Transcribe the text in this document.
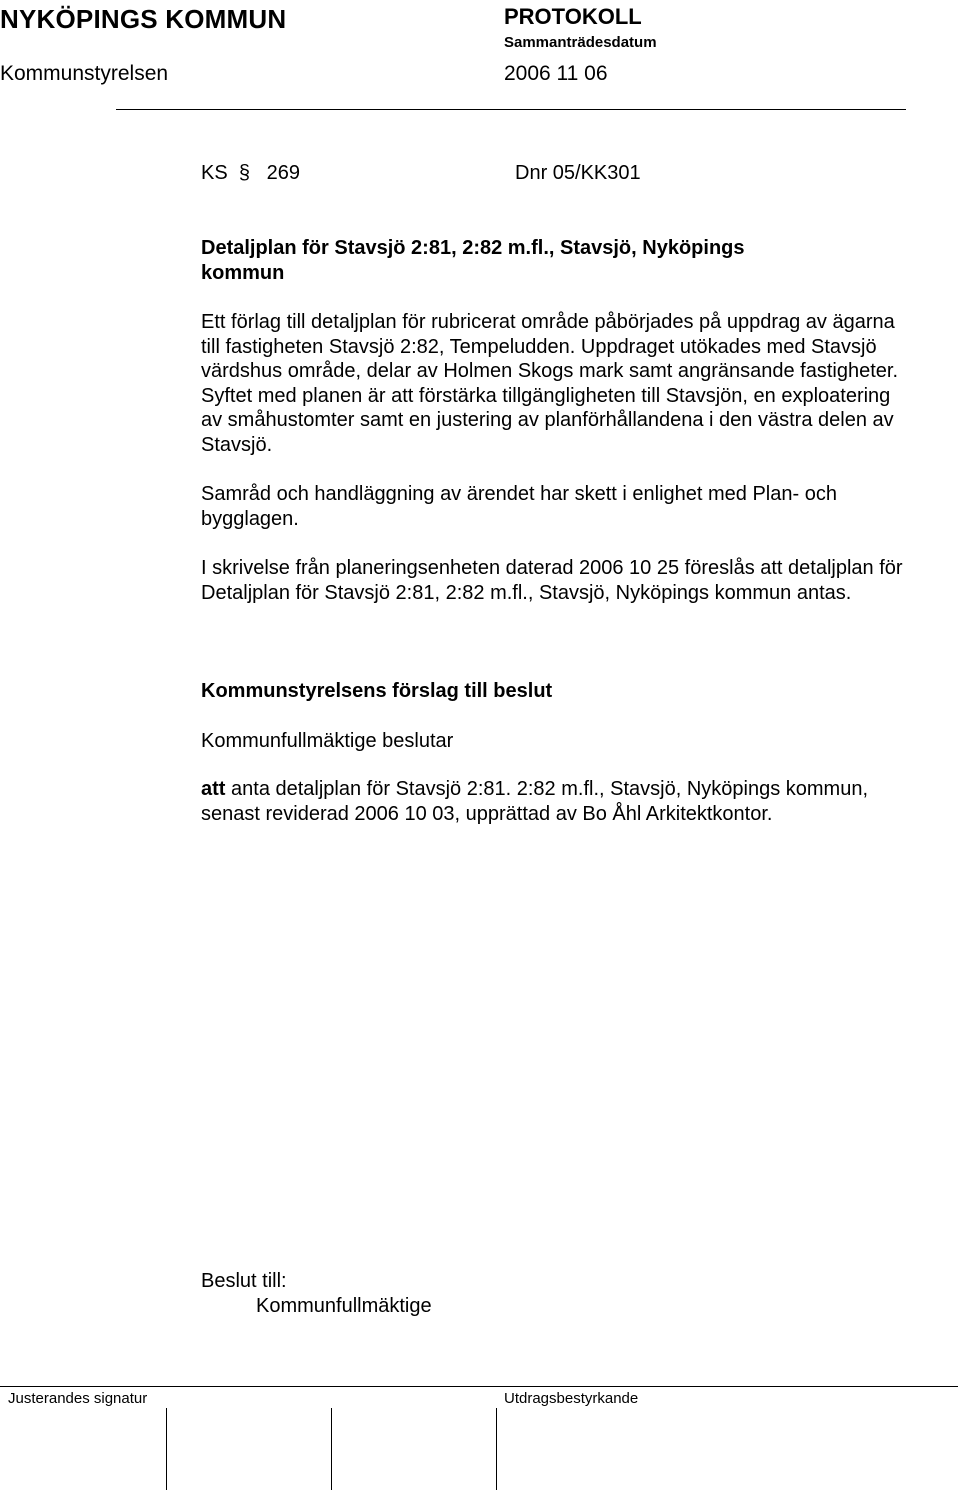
NYKÖPINGS KOMMUN	PROTOKOLL
Sammanträdesdatum
Kommunstyrelsen	2006 11 06
KS § 269	Dnr 05/KK301
Detaljplan för Stavsjö 2:81, 2:82 m.fl., Stavsjö, Nyköpings kommun
Ett förlag till detaljplan för rubricerat område påbörjades på uppdrag av ägarna till fastigheten Stavsjö 2:82, Tempeludden. Uppdraget utökades med Stavsjö värdshus område, delar av Holmen Skogs mark samt angränsande fastigheter. Syftet med planen är att förstärka tillgängligheten till Stavsjön, en exploatering av småhustomter samt en justering av planförhållandena i den västra delen av Stavsjö.
Samråd och handläggning av ärendet har skett i enlighet med Plan- och bygglagen.
I skrivelse från planeringsenheten daterad 2006 10 25 föreslås att detaljplan för Detaljplan för Stavsjö 2:81, 2:82 m.fl., Stavsjö, Nyköpings kommun antas.
Kommunstyrelsens förslag till beslut
Kommunfullmäktige beslutar
att anta detaljplan för Stavsjö 2:81. 2:82 m.fl., Stavsjö, Nyköpings kommun, senast reviderad 2006 10 03, upprättad av Bo Åhl Arkitektkontor.
Beslut till:
Kommunfullmäktige
Justerandes signatur	Utdragsbestyrkande
